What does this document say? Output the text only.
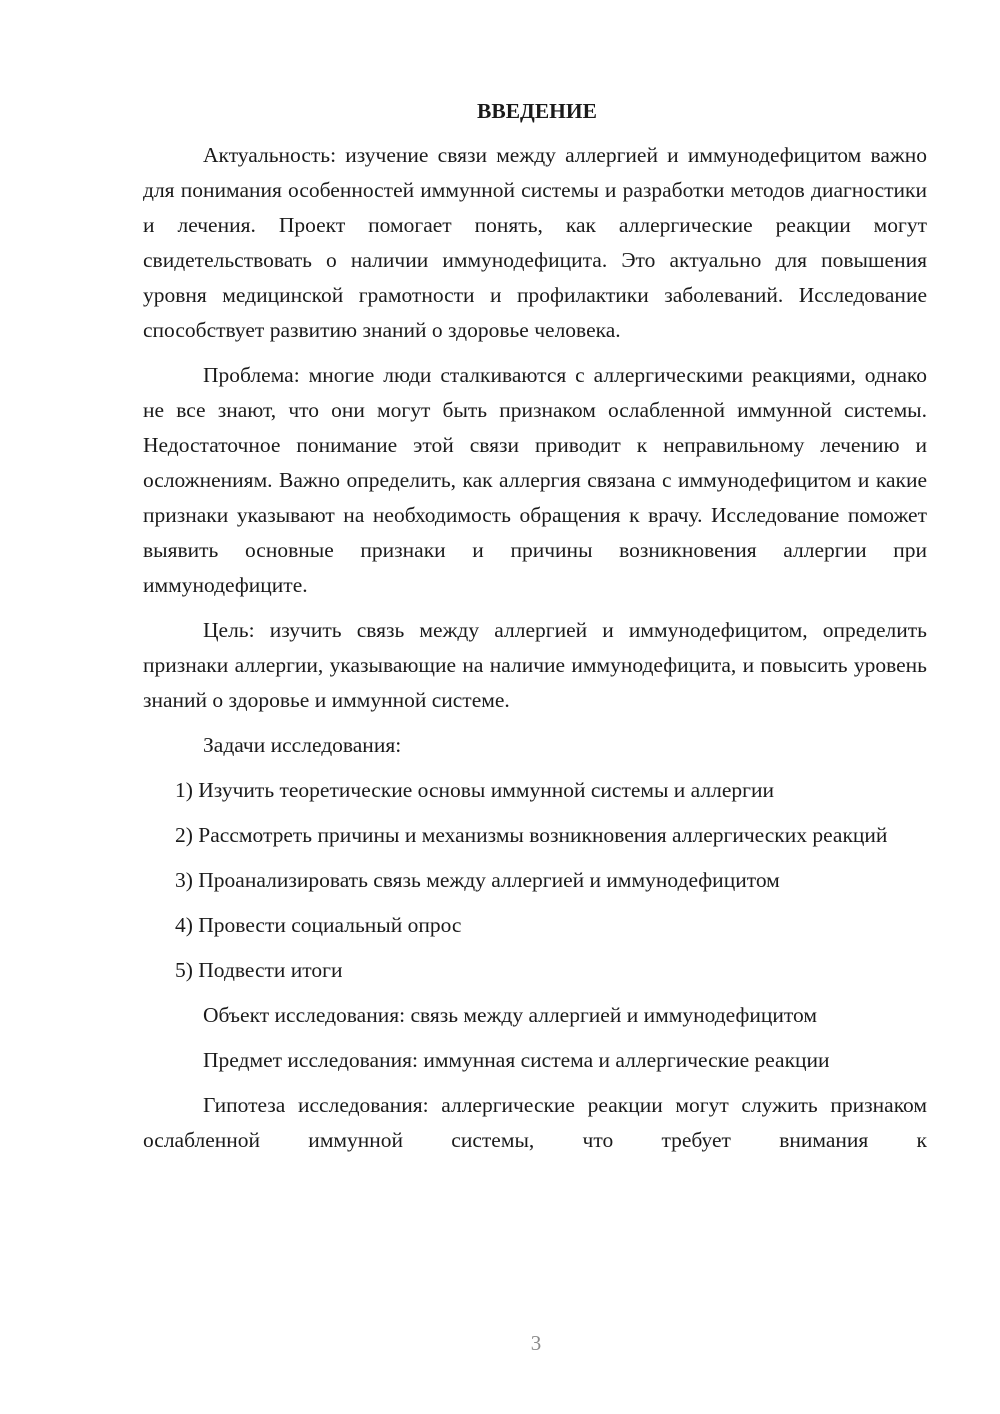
ВВЕДЕНИЕ

Актуальность: изучение связи между аллергией и иммунодефицитом важно для понимания особенностей иммунной системы и разработки методов диагностики и лечения. Проект помогает понять, как аллергические реакции могут свидетельствовать о наличии иммунодефицита. Это актуально для повышения уровня медицинской грамотности и профилактики заболеваний. Исследование способствует развитию знаний о здоровье человека.

Проблема: многие люди сталкиваются с аллергическими реакциями, однако не все знают, что они могут быть признаком ослабленной иммунной системы. Недостаточное понимание этой связи приводит к неправильному лечению и осложнениям. Важно определить, как аллергия связана с иммунодефицитом и какие признаки указывают на необходимость обращения к врачу. Исследование поможет выявить основные признаки и причины возникновения аллергии при иммунодефиците.

Цель: изучить связь между аллергией и иммунодефицитом, определить признаки аллергии, указывающие на наличие иммунодефицита, и повысить уровень знаний о здоровье и иммунной системе.

Задачи исследования:

1) Изучить теоретические основы иммунной системы и аллергии

2) Рассмотреть причины и механизмы возникновения аллергических реакций

3) Проанализировать связь между аллергией и иммунодефицитом

4) Провести социальный опрос

5) Подвести итоги

Объект исследования: связь между аллергией и иммунодефицитом

Предмет исследования: иммунная система и аллергические реакции

Гипотеза исследования: аллергические реакции могут служить признаком ослабленной иммунной системы, что требует внимания к

3
